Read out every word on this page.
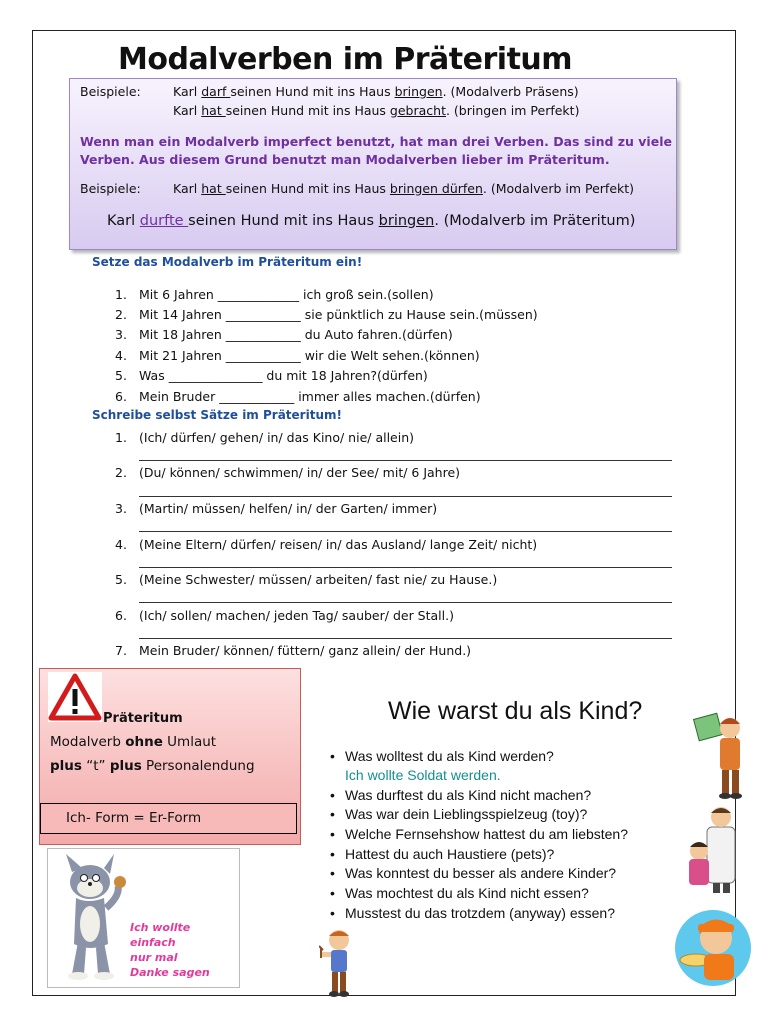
Modalverben im Präteritum
Beispiele:	Karl darf seinen Hund mit ins Haus bringen. (Modalverb Präsens)
Karl hat seinen Hund mit ins Haus gebracht. (bringen im Perfekt)
Wenn man ein Modalverb imperfect benutzt, hat man drei Verben. Das sind zu viele
Verben. Aus diesem Grund benutzt man Modalverben lieber im Präteritum.
Beispiele:	Karl hat seinen Hund mit ins Haus bringen dürfen. (Modalverb im Perfekt)
Karl durfte seinen Hund mit ins Haus bringen. (Modalverb im Präteritum)
Setze das Modalverb im Präteritum ein!
1. Mit 6 Jahren _____________ ich groß sein.(sollen)
2. Mit 14 Jahren ____________ sie pünktlich zu Hause sein.(müssen)
3. Mit 18 Jahren ____________ du Auto fahren.(dürfen)
4. Mit 21 Jahren ____________ wir die Welt sehen.(können)
5. Was _______________ du mit 18 Jahren?(dürfen)
6. Mein Bruder ____________ immer alles machen.(dürfen)
Schreibe selbst Sätze im Präteritum!
1. (Ich/ dürfen/ gehen/ in/ das Kino/ nie/ allein)
2. (Du/ können/ schwimmen/ in/ der See/ mit/ 6 Jahre)
3. (Martin/ müssen/ helfen/ in/ der Garten/ immer)
4. (Meine Eltern/ dürfen/ reisen/ in/ das Ausland/ lange Zeit/ nicht)
5. (Meine Schwester/ müssen/ arbeiten/ fast nie/ zu Hause.)
6. (Ich/ sollen/ machen/ jeden Tag/ sauber/ der Stall.)
7. Mein Bruder/ können/ füttern/ ganz allein/ der Hund.)
Präteritum
Modalverb ohne Umlaut
plus “t” plus Personalendung
Ich- Form = Er-Form
Ich wollte
einfach
nur mal
Danke sagen
Wie warst du als Kind?
• Was wolltest du als Kind werden?
Ich wollte Soldat werden.
• Was durftest du als Kind nicht machen?
• Was war dein Lieblingsspielzeug (toy)?
• Welche Fernsehshow hattest du am liebsten?
• Hattest du auch Haustiere (pets)?
• Was konntest du besser als andere Kinder?
• Was mochtest du als Kind nicht essen?
• Musstest du das trotzdem (anyway) essen?
